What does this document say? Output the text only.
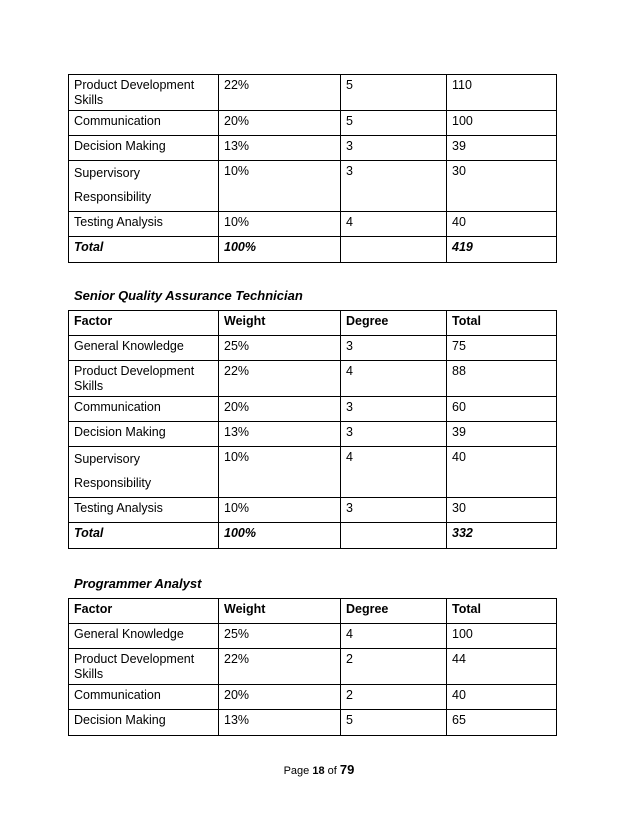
Product Development Skills	22%	5	110
Communication	20%	5	100
Decision Making	13%	3	39

Supervisory
Responsibility	10%	3	30
Testing Analysis	10%	4	40
Total	100%		419
Senior Quality Assurance Technician
Factor	Weight	Degree	Total
General Knowledge	25%	3	75
Product Development Skills	22%	4	88
Communication	20%	3	60
Decision Making	13%	3	39

Supervisory
Responsibility	10%	4	40
Testing Analysis	10%	3	30
Total	100%		332
Programmer Analyst
Factor	Weight	Degree	Total
General Knowledge	25%	4	100
Product Development Skills	22%	2	44
Communication	20%	2	40
Decision Making	13%	5	65
Page 18 of 79
